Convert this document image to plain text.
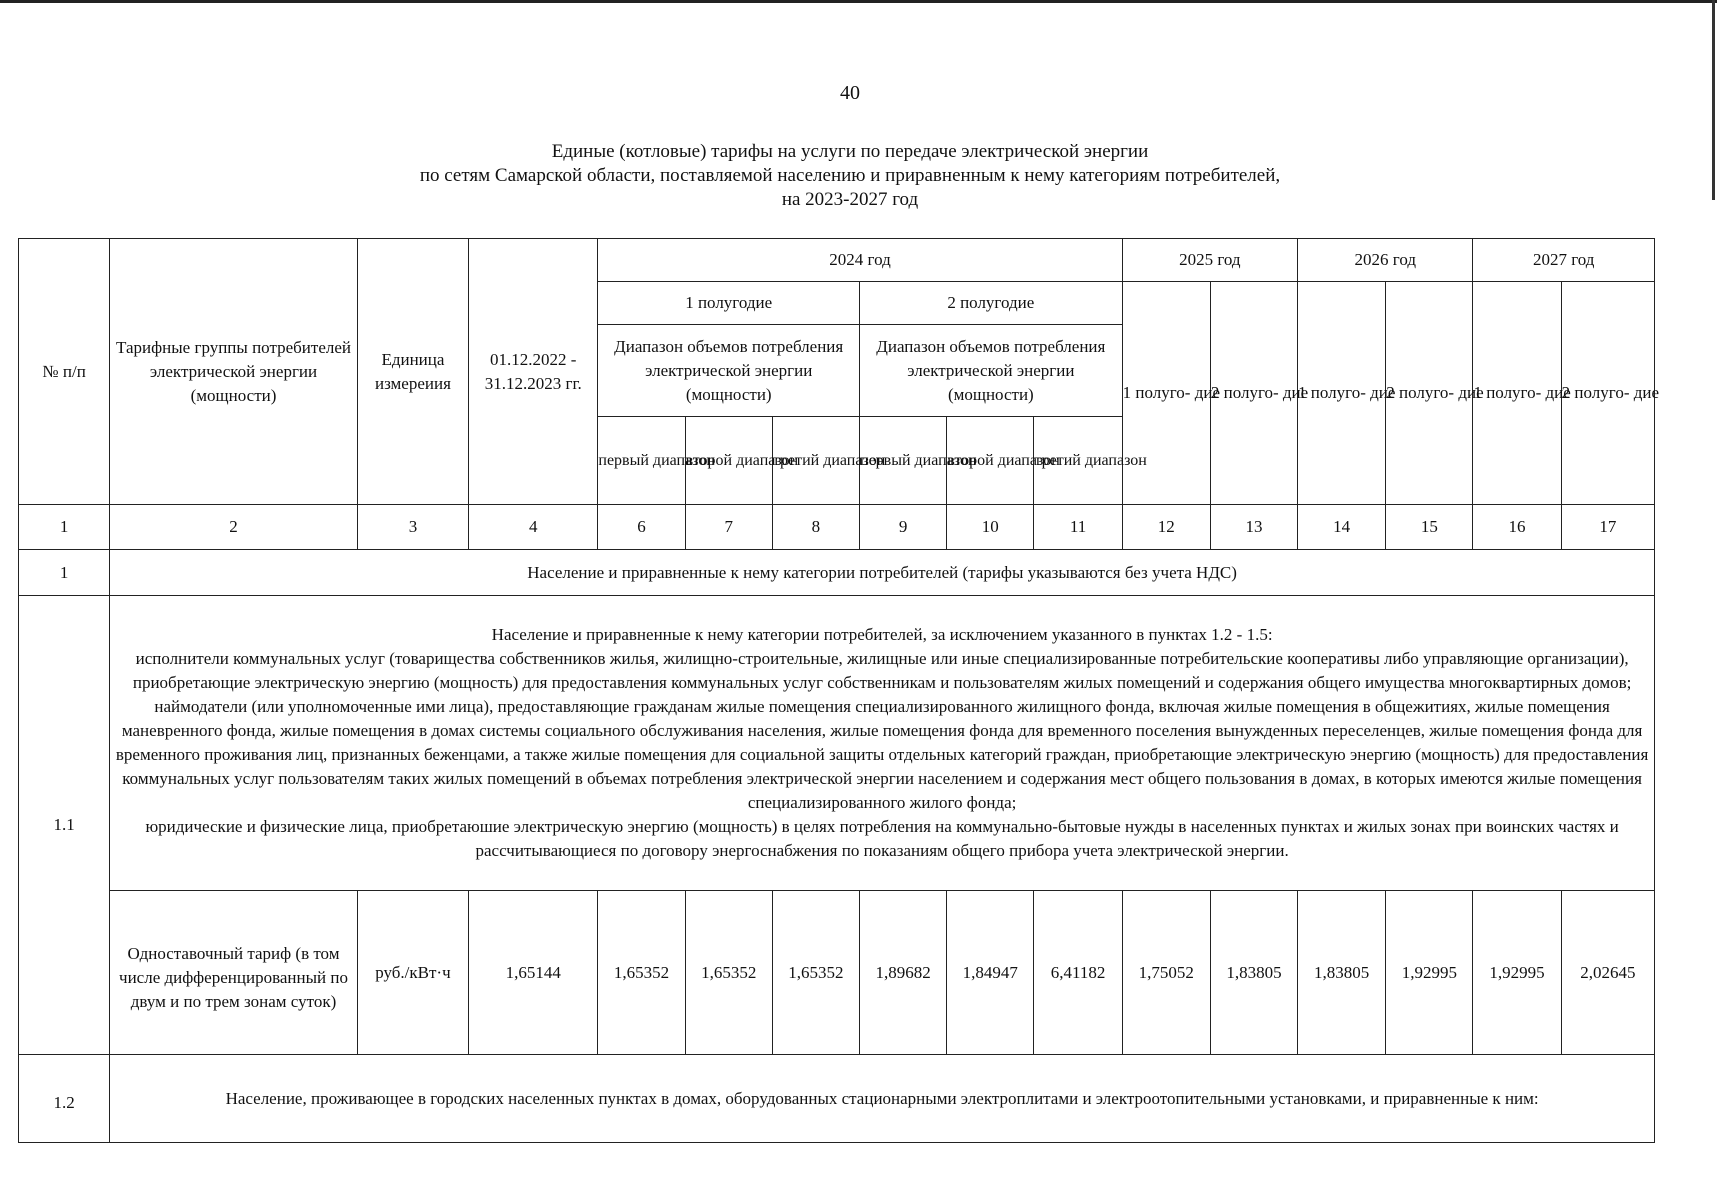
40
Единые (котловые) тарифы на услуги по передаче электрической энергии
по сетям Самарской области, поставляемой населению и приравненным к нему категориям потребителей,
на 2023-2027 год
№ п/п	Тарифные группы потребителей электрической энергии (мощности)	Единица измереиия	01.12.2022 - 31.12.2023 гг.	2024 год						2025 год		2026 год		2027 год	
				1 полугодие			2 полугодие			1 полуго- дие	2 полуго- дие	1 полуго- дие	2 полуго- дие	1 полуго- дие	2 полуго- дие
				Диапазон объемов потребления электрической энергии (мощности)			Диапазон объемов потребления электрической энергии (мощности)								
				первый диапазон	второй диапазон	третий диапазон	первый диапазон	второй диапазон	третий диапазон						
1	2	3	4	6	7	8	9	10	11	12	13	14	15	16	17
1	Население и приравненные к нему категории потребителей (тарифы указываются без учета НДС)														
1.1	Население и приравненные к нему категории потребителей, за исключением указанного в пунктах 1.2 - 1.5:
исполнители коммунальных услуг (товарищества собственников жилья, жилищно-строительные, жилищные или иные специализированные потребительские кооперативы либо управляющие организации), приобретающие электрическую энергию (мощность) для предоставления коммунальных услуг собственникам и пользователям жилых помещений и содержания общего имущества многоквартирных домов; наймодатели (или уполномоченные ими лица), предоставляющие гражданам жилые помещения специализированного жилищного фонда, включая жилые помещения в общежитиях, жилые помещения маневренного фонда, жилые помещения в домах системы социального обслуживания населения, жилые помещения фонда для временного поселения вынужденных переселенцев, жилые помещения фонда для временного проживания лиц, признанных беженцами, а также жилые помещения для социальной защиты отдельных категорий граждан, приобретающие электрическую энергию (мощность) для предоставления коммунальных услуг пользователям таких жилых помещений в объемах потребления электрической энергии населением и содержания мест общего пользования в домах, в которых имеются жилые помещения специализированного жилого фонда;
юридические и физические лица, приобретаюшие электрическую энергию (мощность) в целях потребления на коммунально-бытовые нужды в населенных пунктах и жилых зонах при воинских частях и рассчитывающиеся по договору энергоснабжения по показаниям общего прибора учета электрической энергии.														

	Одноставочный тариф (в том числе дифференцированный по двум и по трем зонам суток)	руб./кВт·ч	1,65144	1,65352	1,65352	1,65352	1,89682	1,84947	6,41182	1,75052	1,83805	1,83805	1,92995	1,92995	2,02645
1.2	Население, проживающее в городских населенных пунктах в домах, оборудованных стационарными электроплитами и электроотопительными установками, и приравненные к ним:														
